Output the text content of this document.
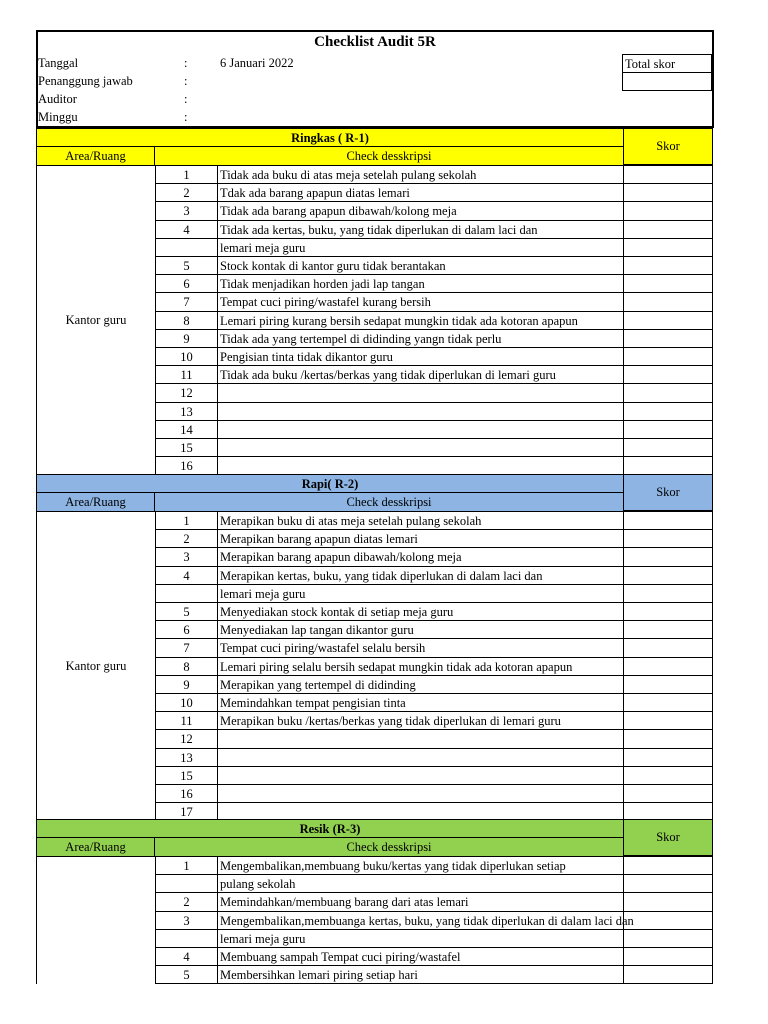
Checklist Audit 5R
Tanggal	:	6 Januari 2022
Penanggung jawab	:
Auditor	:
Minggu	:
Total skor
Ringkas ( R-1)
Area/Ruang	Check desskripsi
Skor
1	Tidak ada buku di atas meja setelah pulang sekolah
2	Tdak ada barang apapun diatas lemari
3	Tidak ada barang apapun dibawah/kolong meja
4	Tidak ada kertas, buku, yang tidak diperlukan di dalam laci dan
lemari meja guru
5	Stock kontak di kantor guru tidak berantakan
6	Tidak menjadikan horden jadi lap tangan
7	Tempat cuci piring/wastafel kurang bersih
8	Lemari piring kurang bersih sedapat mungkin tidak ada kotoran apapun
9	Tidak ada yang tertempel di didinding yangn tidak perlu
10	Pengisian tinta tidak dikantor guru
11	Tidak ada buku /kertas/berkas yang tidak diperlukan di lemari guru
12
13
14
15
16
Kantor guru
Rapi( R-2)
Area/Ruang	Check desskripsi
Skor
1	Merapikan buku di atas meja setelah pulang sekolah
2	Merapikan barang apapun diatas lemari
3	Merapikan barang apapun dibawah/kolong meja
4	Merapikan kertas, buku, yang tidak diperlukan di dalam laci dan
lemari meja guru
5	Menyediakan stock kontak di setiap meja guru
6	Menyediakan lap tangan dikantor guru
7	Tempat cuci piring/wastafel selalu bersih
8	Lemari piring selalu bersih sedapat mungkin tidak ada kotoran apapun
9	Merapikan yang tertempel di didinding
10	Memindahkan tempat pengisian tinta
11	Merapikan buku /kertas/berkas yang tidak diperlukan di lemari guru
12
13
15
16
17
Kantor guru
Resik (R-3)
Area/Ruang	Check desskripsi
Skor
1	Mengembalikan,membuang buku/kertas yang tidak diperlukan setiap
pulang sekolah
2	Memindahkan/membuang barang dari atas lemari
3	Mengembalikan,membuanga kertas, buku, yang tidak diperlukan di dalam laci dan
lemari meja guru
4	Membuang sampah Tempat cuci piring/wastafel
5	Membersihkan lemari piring setiap hari
